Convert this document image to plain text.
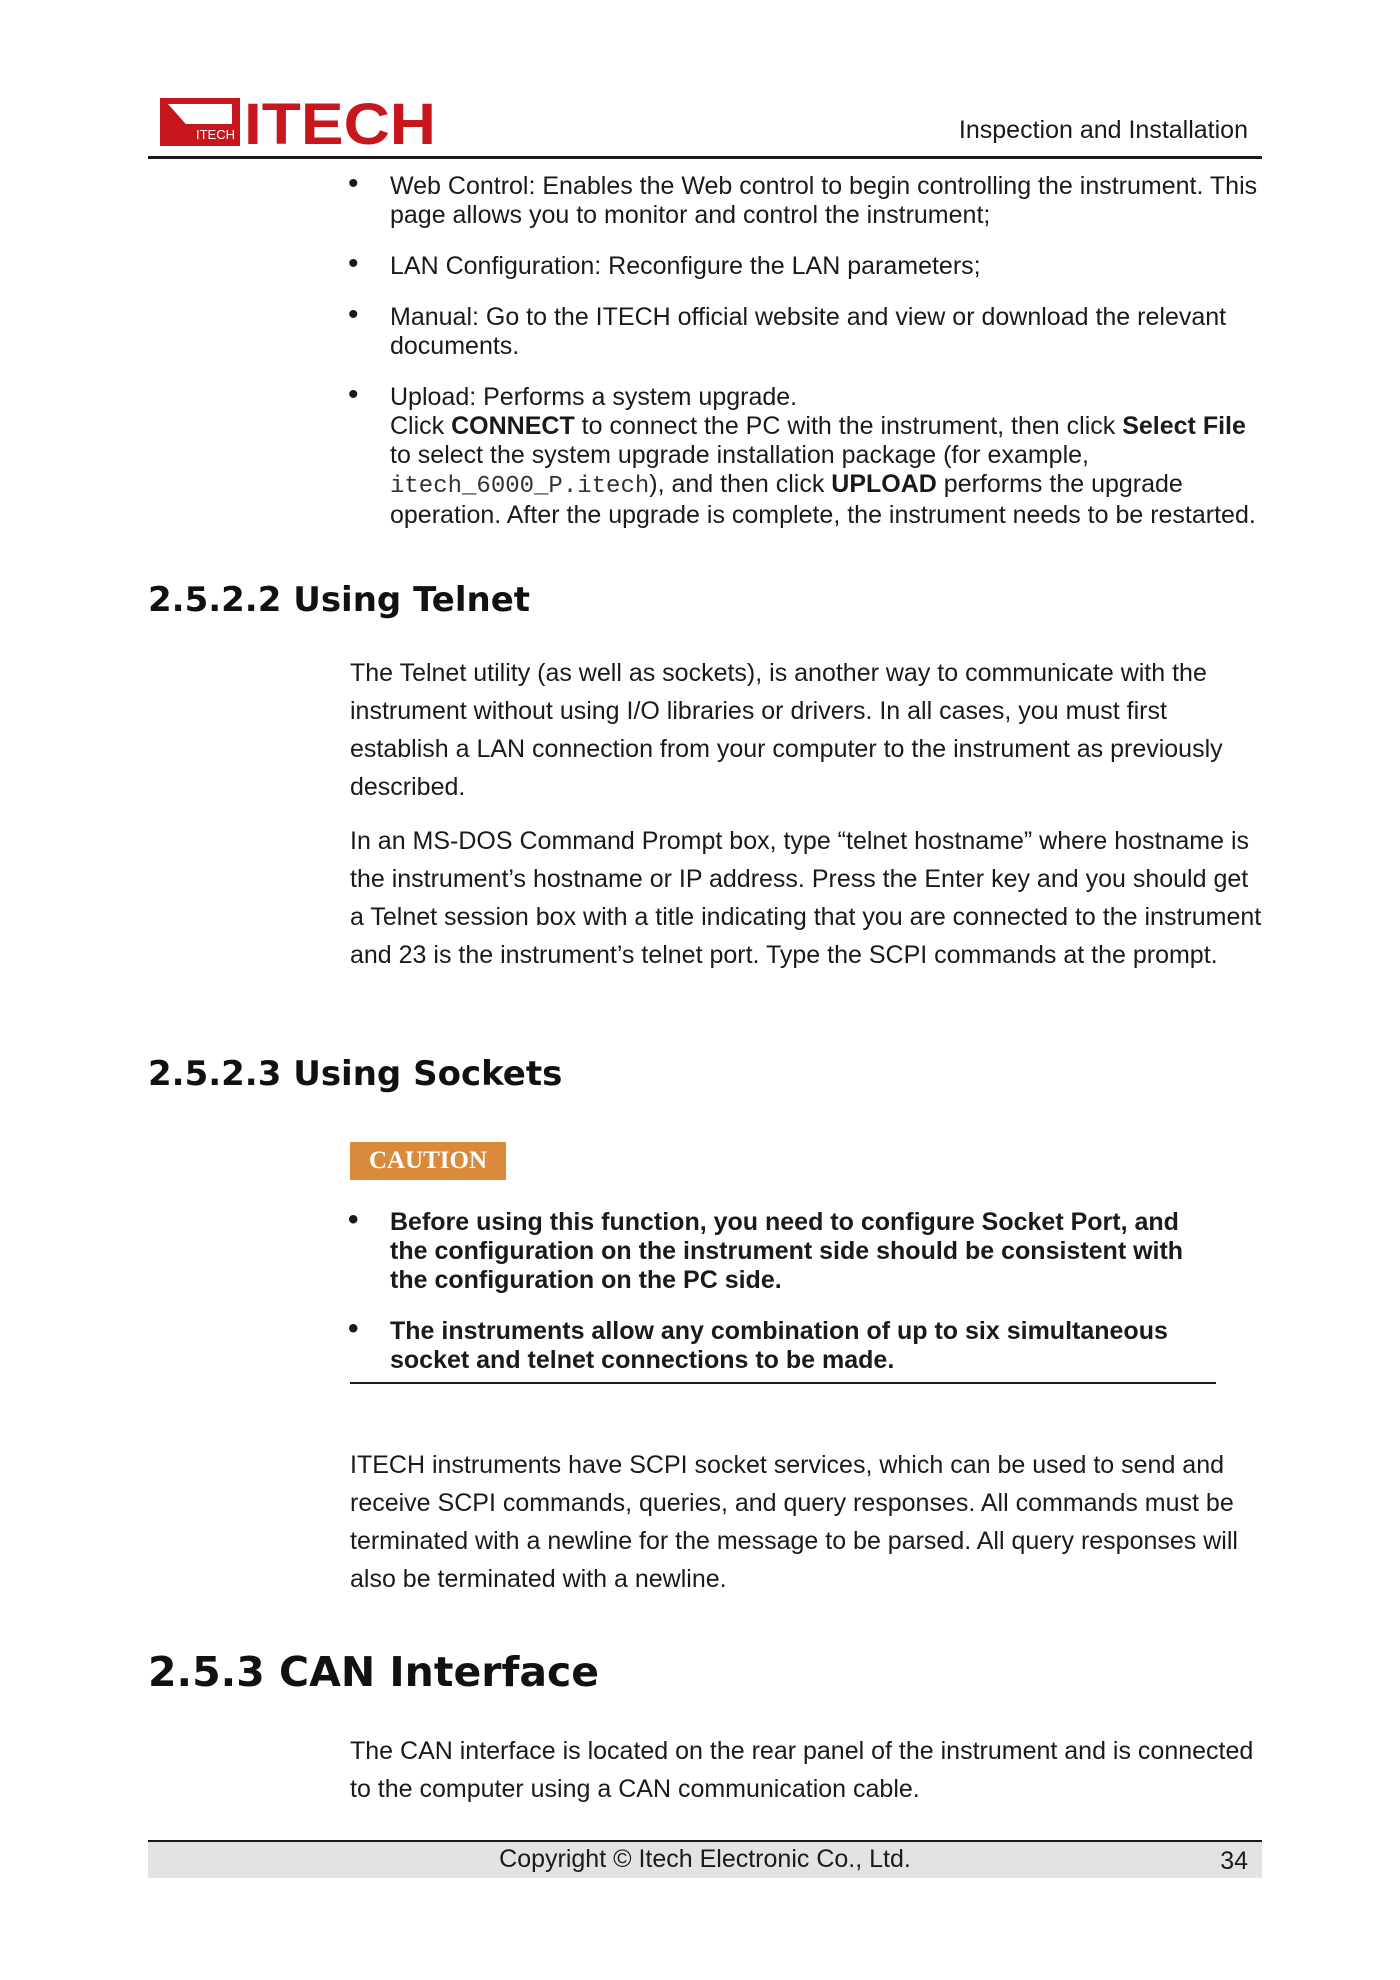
ITECH ITECH	Inspection and Installation

• Web Control: Enables the Web control to begin controlling the instrument. This page allows you to monitor and control the instrument;

• LAN Configuration: Reconfigure the LAN parameters;

• Manual: Go to the ITECH official website and view or download the relevant documents.

• Upload: Performs a system upgrade.

Click CONNECT to connect the PC with the instrument, then click Select File to select the system upgrade installation package (for example, itech_6000_P.itech), and then click UPLOAD performs the upgrade operation. After the upgrade is complete, the instrument needs to be restarted.

2.5.2.2 Using Telnet

The Telnet utility (as well as sockets), is another way to communicate with the instrument without using I/O libraries or drivers. In all cases, you must first establish a LAN connection from your computer to the instrument as previously described.

In an MS-DOS Command Prompt box, type “telnet hostname” where hostname is the instrument’s hostname or IP address. Press the Enter key and you should get a Telnet session box with a title indicating that you are connected to the instrument and 23 is the instrument’s telnet port. Type the SCPI commands at the prompt.

2.5.2.3 Using Sockets
CAUTION

• Before using this function, you need to configure Socket Port, and the configuration on the instrument side should be consistent with the configuration on the PC side.

• The instruments allow any combination of up to six simultaneous socket and telnet connections to be made.

ITECH instruments have SCPI socket services, which can be used to send and receive SCPI commands, queries, and query responses. All commands must be terminated with a newline for the message to be parsed. All query responses will also be terminated with a newline.

2.5.3 CAN Interface

The CAN interface is located on the rear panel of the instrument and is connected to the computer using a CAN communication cable.

Copyright © Itech Electronic Co., Ltd.	34
